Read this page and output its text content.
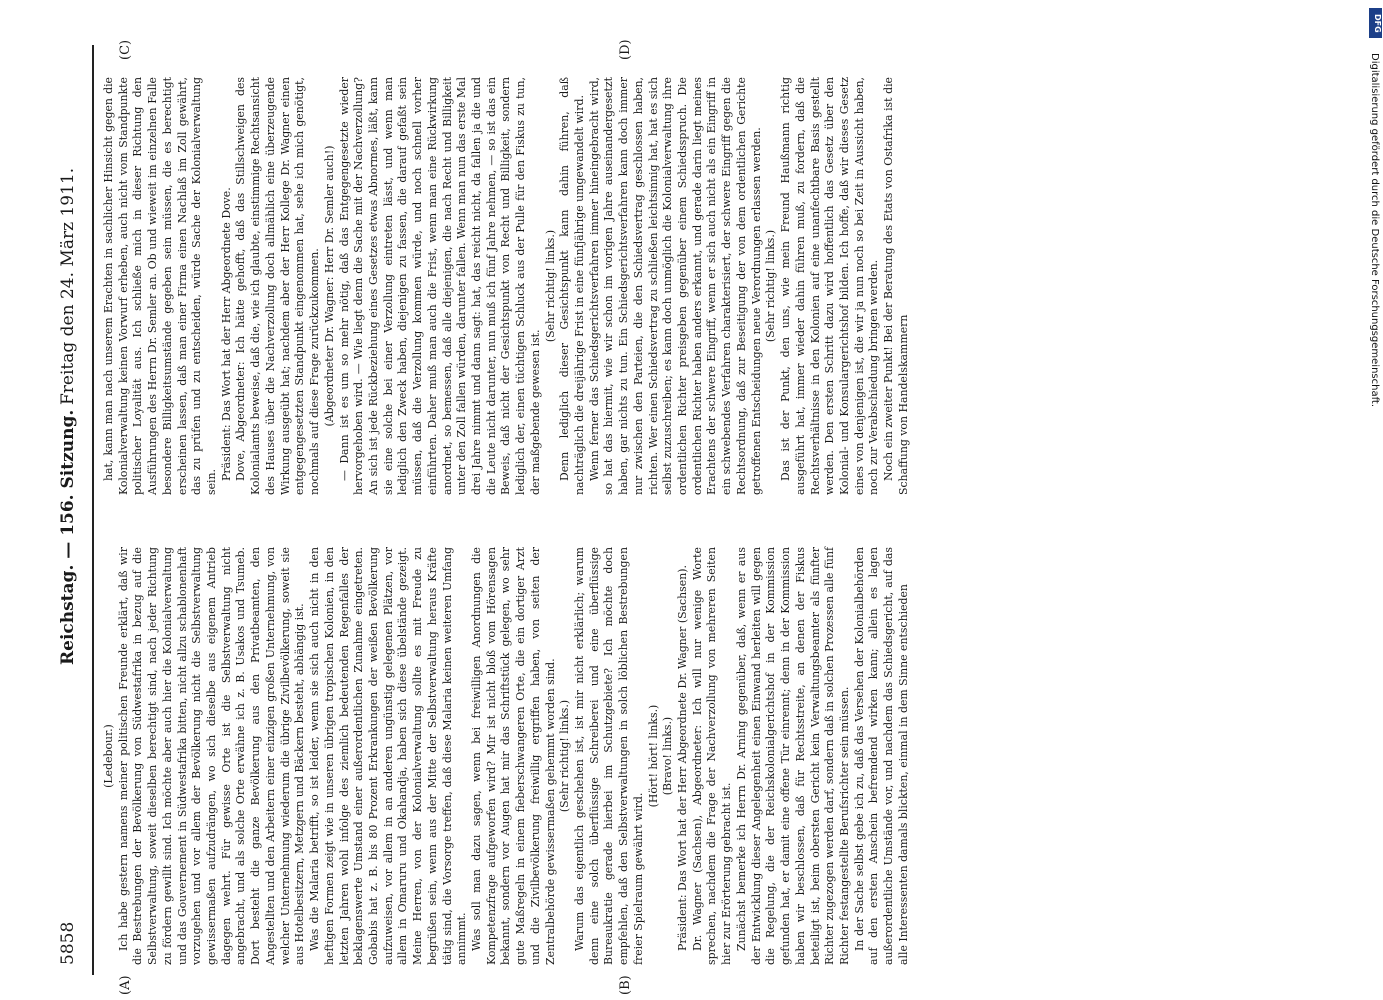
5858
Reichstag. — 156. Sitzung.
Freitag den 24. März 1911.

(Ledebour.) Ich habe gestern namens meiner politischen Freunde erklärt, daß wir die Bestrebungen der Bevölkerung von Südwestafrika in bezug auf die Selbstverwaltung, soweit dieselben berechtigt sind, nach jeder Richtung zu fördern gewillt sind. Ich möchte aber auch hier die Kolonialverwaltung und das Gouvernement in Südwestafrika bitten, nicht allzu schablonenhaft vorzugehen und vor allem der Bevölkerung nicht die Selbstverwaltung gewissermaßen aufzudrängen, wo sich dieselbe aus eigenem Antrieb dagegen wehrt. Für gewisse Orte ist die Selbstverwaltung nicht angebracht, und als solche Orte erwähne ich z. B. Usakos und Tsumeb. Dort besteht die ganze Bevölkerung aus den Privatbeamten, den Angestellten und den Arbeitern einer einzigen großen Unternehmung, von welcher Unternehmung wiederum die übrige Zivilbevölkerung, soweit sie aus Hotelbesitzern, Metzgern und Bäckern besteht, abhängig ist. Was die Malaria betrifft, so ist leider, wenn sie sich auch nicht in den heftigen Formen zeigt wie in unseren übrigen tropischen Kolonien, in den letzten Jahren wohl infolge des ziemlich bedeutenden Regenfalles der beklagenswerte Umstand einer außerordentlichen Zunahme eingetreten. Gobabis hat z. B. bis 80 Prozent Erkrankungen der weißen Bevölkerung aufzuweisen, vor allem in an anderen ungünstig gelegenen Plätzen, vor allem in Omaruru und Okahandja, haben sich diese übelstände gezeigt. Meine Herren, von der Kolonialverwaltung sollte es mit Freude zu begrüßen sein, wenn aus der Mitte der Selbstverwaltung heraus Kräfte tätig sind, die Vorsorge treffen, daß diese Malaria keinen weiteren Umfang annimmt. Was soll man dazu sagen, wenn bei freiwilligen Anordnungen die Kompetenzfrage aufgeworfen wird? Mir ist nicht bloß vom Hörensagen bekannt, sondern vor Augen hat mir das Schriftstück gelegen, wo sehr gute Maßregeln in einem fieberschwangeren Orte, die ein dortiger Arzt und die Zivilbevölkerung freiwillig ergriffen haben, von seiten der Zentralbehörde gewissermaßen gehemmt worden sind. (Sehr richtig! links.) Warum das eigentlich geschehen ist, ist mir nicht erklärlich; warum denn eine solch überflüssige Schreiberei und eine überflüssige Bureaukratie gerade hierbei im Schutzgebiete? Ich möchte doch empfehlen, daß den Selbstverwaltungen in solch löblichen Bestrebungen freier Spielraum gewährt wird.

(Hört! hört! links.) (Bravo! links.) Präsident: Das Wort hat der Herr Abgeordnete Dr. Wagner (Sachsen). Dr. Wagner (Sachsen), Abgeordneter: Ich will nur wenige Worte sprechen, nachdem die Frage der Nachverzollung von mehreren Seiten hier zur Erörterung gebracht ist. Zunächst bemerke ich Herrn Dr. Arning gegenüber, daß, wenn er aus der Entwicklung dieser Angelegenheit einen Einwand herleiten will gegen die Regelung, die der Reichskolonialgerichtshof in der Kommission gefunden hat, er damit eine offene Tür einrennt; denn in der Kommission haben wir beschlossen, daß für Rechtsstreite, an denen der Fiskus beteiligt ist, beim obersten Gericht kein Verwaltungsbeamter als fünfter Richter zugezogen werden darf, sondern daß in solchen Prozessen alle fünf Richter festangestellte Berufsrichter sein müssen. In der Sache selbst gebe ich zu, daß das Versehen der Kolonialbehörden auf den ersten Anschein befremdend wirken kann; allein es lagen außerordentliche Umstände vor, und nachdem das Schiedsgericht, auf das alle Interessenten damals blickten, einmal in dem Sinne entschieden

hat, kann man nach unserem Erachten in sachlicher Hinsicht gegen die Kolonialverwaltung keinen Vorwurf erheben, auch nicht vom Standpunkte politischer Loyalität aus. Ich schließe mich in dieser Richtung den Ausführungen des Herrn Dr. Semler an. Ob und wieweit im einzelnen Falle besondere Billigkeitsumstände gegeben sein müssen, die es berechtigt erscheinen lassen, daß man einer Firma einen Nachlaß im Zoll gewährt, das zu prüfen und zu entscheiden, würde Sache der Kolonialverwaltung sein.

Präsident: Das Wort hat der Herr Abgeordnete Dove. Dove, Abgeordneter: Ich hätte gehofft, daß das Stillschweigen des Kolonialamts beweise, daß die, wie ich glaubte, einstimmige Rechtsansicht des Hauses über die Nachverzollung doch allmählich eine überzeugende Wirkung ausgeübt hat; nachdem aber der Herr Kollege Dr. Wagner einen entgegengesetzten Standpunkt eingenommen hat, sehe ich mich genötigt, nochmals auf diese Frage zurückzukommen. (Abgeordneter Dr. Wagner: Herr Dr. Semler auch!) — Dann ist es um so mehr nötig, daß das Entgegengesetzte wieder hervorgehoben wird. — Wie liegt denn die Sache mit der Nachverzollung? An sich ist jede Rückbeziehung eines Gesetzes etwas Abnormes, läßt, kann sie eine solche bei einer Verzollung eintreten lässt, und wenn man lediglich den Zweck haben, diejenigen zu fassen, die darauf gefaßt sein müssen, daß die Verzollung kommen würde, und noch schnell vorher einführten. Daher muß man auch die Frist, wenn man eine Rückwirkung anordnet, so bemessen, daß alle diejenigen, die nach Recht und Billigkeit unter den Zoll fallen würden, darunter fallen. Wenn man nun das erste Mal drei Jahre nimmt und dann sagt: hat, das reicht nicht, da fallen ja die und die Leute nicht darunter, nun muß ich fünf Jahre nehmen, — so ist das ein Beweis, daß nicht der Gesichtspunkt von Recht und Billigkeit, sondern lediglich der, einen tüchtigen Schluck aus der Pulle für den Fiskus zu tun, der maßgebende gewesen ist.

(Sehr richtig! links.) Denn lediglich dieser Gesichtspunkt kann dahin führen, daß nachträglich die dreijährige Frist in eine fünfjährige umgewandelt wird. Wenn ferner das Schiedsgerichtsverfahren immer hineingebracht wird, so hat das hiermit, wie wir schon im vorigen Jahre auseinandergesetzt haben, gar nichts zu tun. Ein Schiedsgerichtsverfahren kann doch immer nur zwischen den Parteien, die den Schiedsvertrag geschlossen haben, richten. Wer einen Schiedsvertrag zu schließen leichtsinnig hat, hat es sich selbst zuzuschreiben; es kann doch unmöglich die Kolonialverwaltung ihre ordentlichen Richter preisgeben gegenüber einem Schiedsspruch. Die ordentlichen Richter haben anders erkannt, und gerade darin liegt meines Erachtens der schwere Eingriff, wenn er sich auch nicht als ein Eingriff in ein schwebendes Verfahren charakterisiert, der schwere Eingriff gegen die Rechtsordnung, daß zur Beseitigung der von dem ordentlichen Gerichte getroffenen Entscheidungen neue Verordnungen erlassen werden. (Sehr richtig! links.) Das ist der Punkt, den uns, wie mein Freund Haußmann richtig ausgeführt hat, immer wieder dahin führen muß, zu fordern, daß die Rechtsverhältnisse in den Kolonien auf eine unanfechtbare Basis gestellt werden. Den ersten Schritt dazu wird hoffentlich das Gesetz über den Kolonial- und Konsulargerichtshof bilden. Ich hoffe, daß wir dieses Gesetz eines von denjenigen ist, die wir ja nun noch so bei Zeit in Aussicht haben, noch zur Verabschiedung bringen werden. Noch ein zweiter Punkt! Bei der Beratung des Etats von Ostafrika ist die Schaffung von Handelskammern

(A)	(B)
(C)	(D)
DFG
Digitalisierung gefördert durch die Deutsche Forschungsgemeinschaft.
